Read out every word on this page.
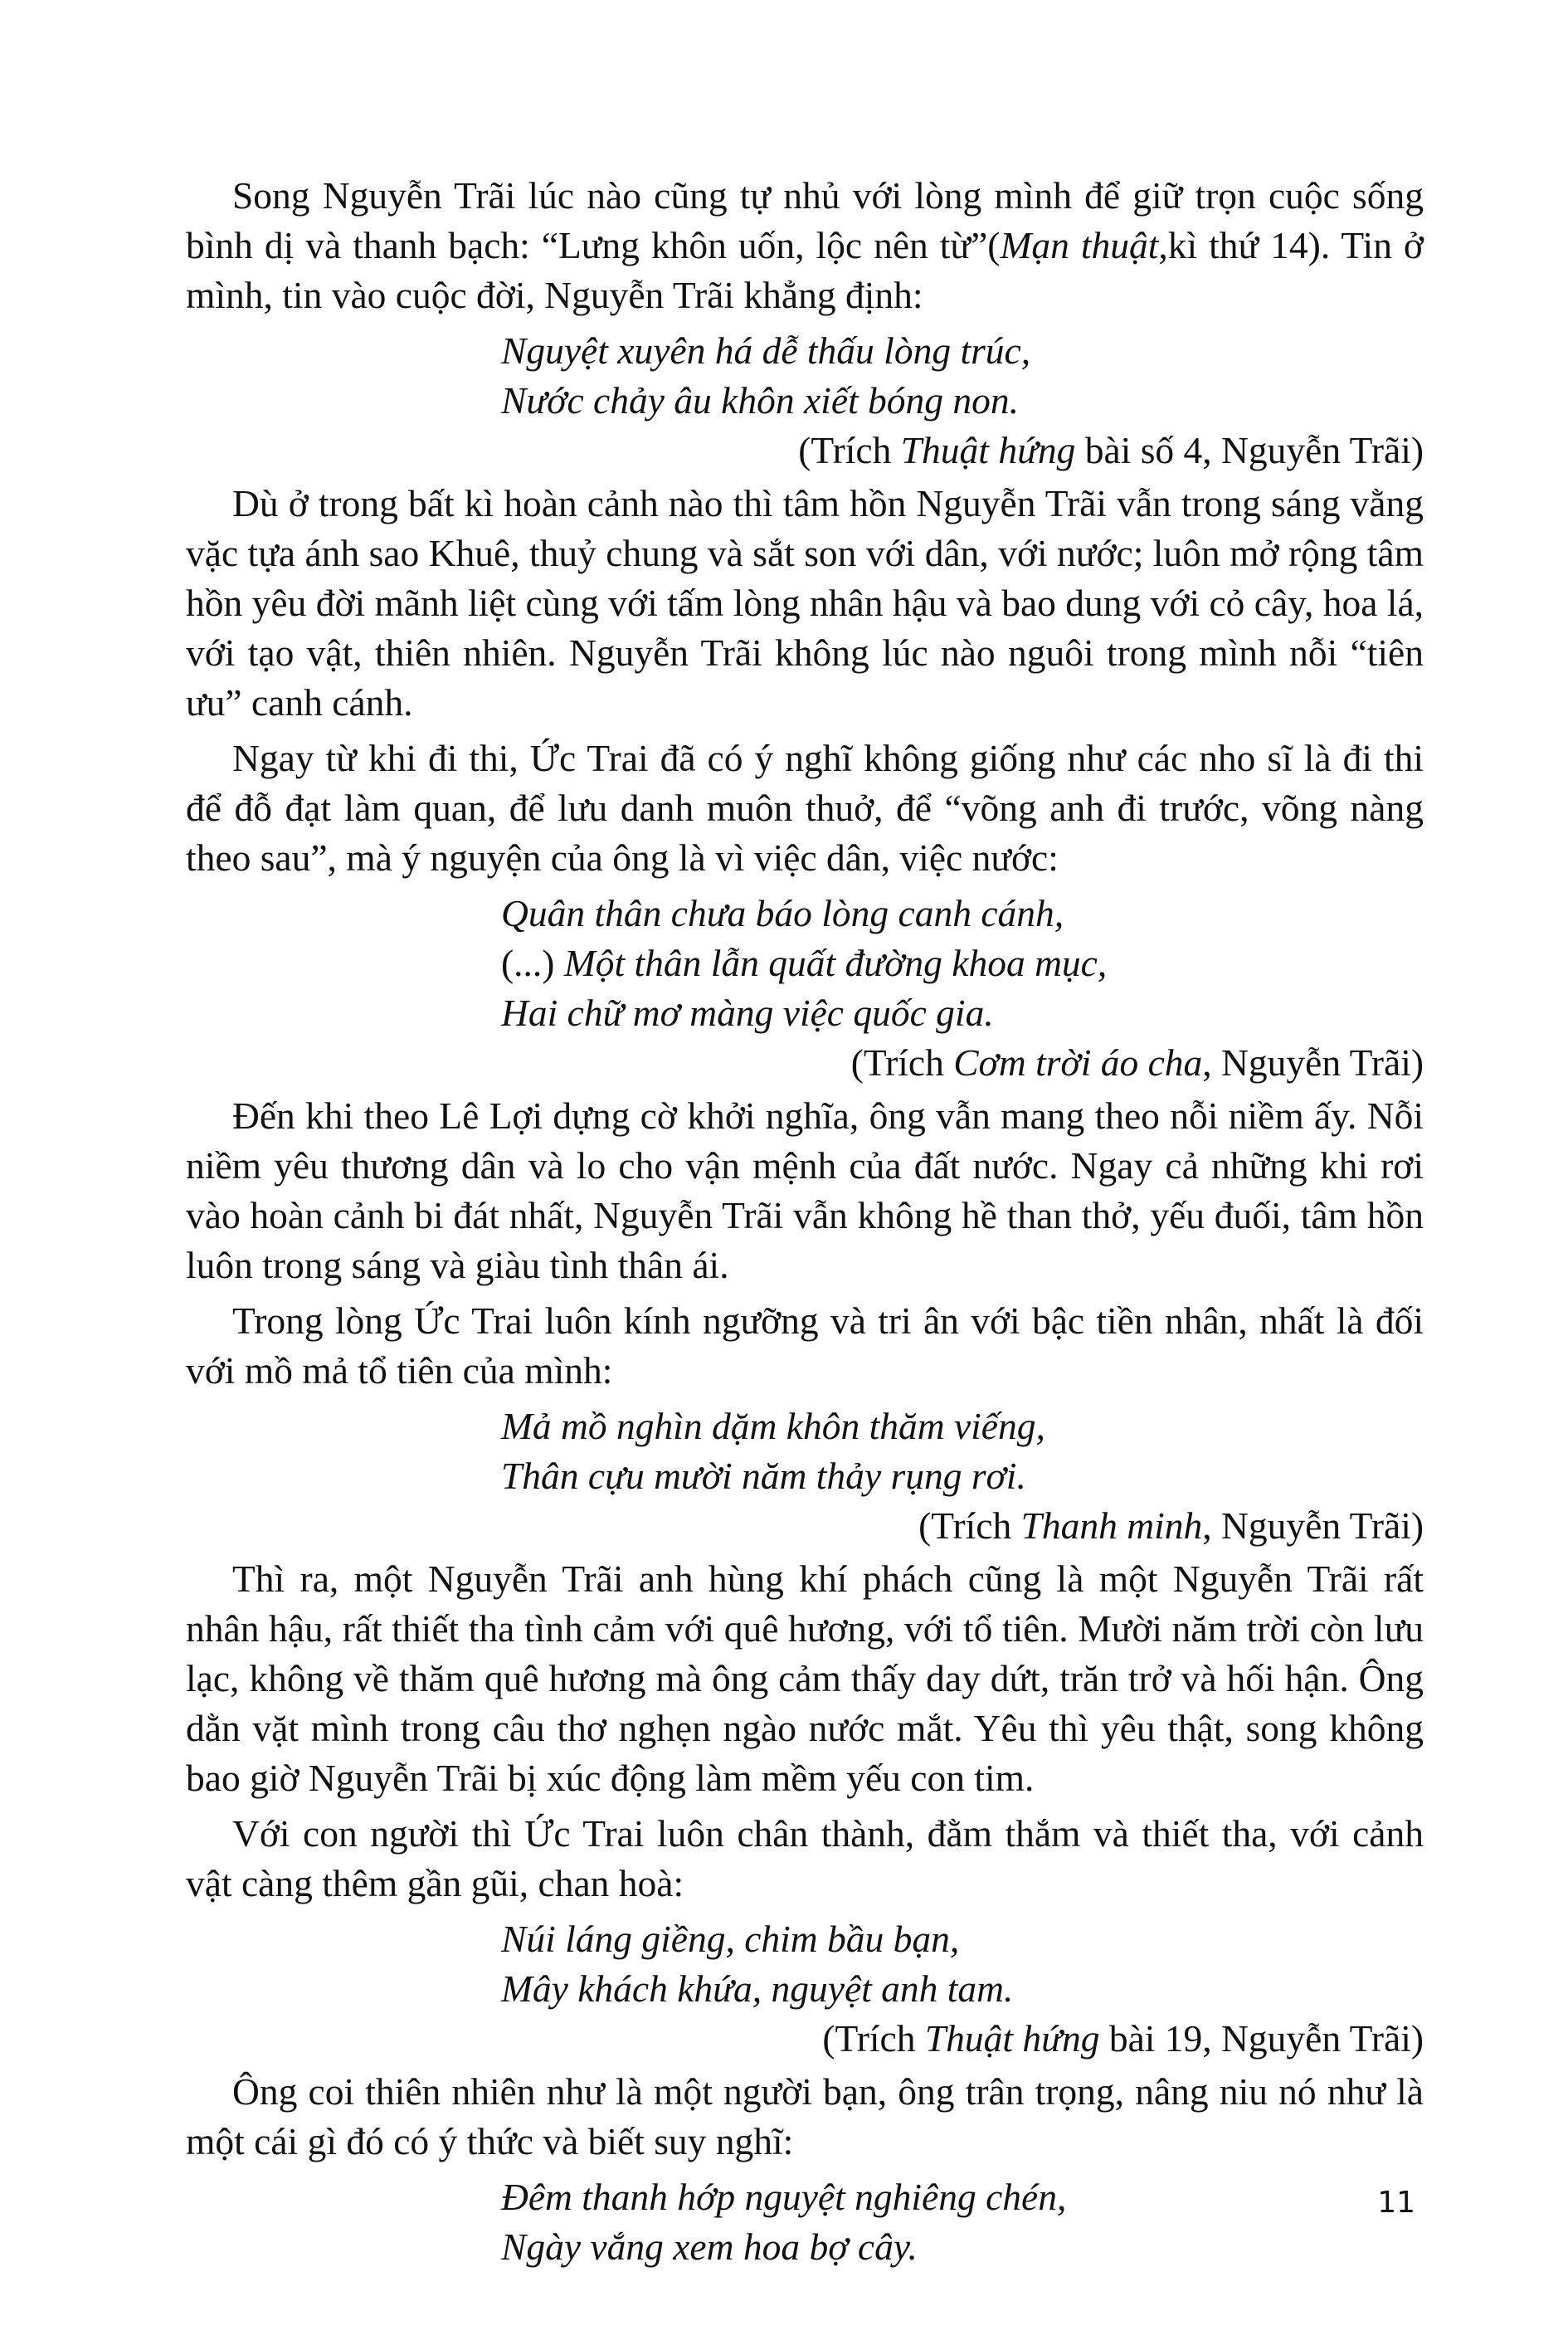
Song Nguyễn Trãi lúc nào cũng tự nhủ với lòng mình để giữ trọn cuộc sống bình dị và thanh bạch: “Lưng khôn uốn, lộc nên từ”(Mạn thuật,kì thứ 14). Tin ở mình, tin vào cuộc đời, Nguyễn Trãi khẳng định:

Nguyệt xuyên há dễ thấu lòng trúc,
Nước chảy âu khôn xiết bóng non.
(Trích Thuật hứng bài số 4, Nguyễn Trãi)

Dù ở trong bất kì hoàn cảnh nào thì tâm hồn Nguyễn Trãi vẫn trong sáng vằng vặc tựa ánh sao Khuê, thuỷ chung và sắt son với dân, với nước; luôn mở rộng tâm hồn yêu đời mãnh liệt cùng với tấm lòng nhân hậu và bao dung với cỏ cây, hoa lá, với tạo vật, thiên nhiên. Nguyễn Trãi không lúc nào nguôi trong mình nỗi “tiên ưu” canh cánh.

Ngay từ khi đi thi, Ức Trai đã có ý nghĩ không giống như các nho sĩ là đi thi để đỗ đạt làm quan, để lưu danh muôn thuở, để “võng anh đi trước, võng nàng theo sau”, mà ý nguyện của ông là vì việc dân, việc nước:

Quân thân chưa báo lòng canh cánh,
(...) Một thân lẫn quất đường khoa mục,
Hai chữ mơ màng việc quốc gia.
(Trích Cơm trời áo cha, Nguyễn Trãi)

Đến khi theo Lê Lợi dựng cờ khởi nghĩa, ông vẫn mang theo nỗi niềm ấy. Nỗi niềm yêu thương dân và lo cho vận mệnh của đất nước. Ngay cả những khi rơi vào hoàn cảnh bi đát nhất, Nguyễn Trãi vẫn không hề than thở, yếu đuối, tâm hồn luôn trong sáng và giàu tình thân ái.

Trong lòng Ức Trai luôn kính ngưỡng và tri ân với bậc tiền nhân, nhất là đối với mồ mả tổ tiên của mình:

Mả mồ nghìn dặm khôn thăm viếng,
Thân cựu mười năm thảy rụng rơi.
(Trích Thanh minh, Nguyễn Trãi)

Thì ra, một Nguyễn Trãi anh hùng khí phách cũng là một Nguyễn Trãi rất nhân hậu, rất thiết tha tình cảm với quê hương, với tổ tiên. Mười năm trời còn lưu lạc, không về thăm quê hương mà ông cảm thấy day dứt, trăn trở và hối hận. Ông dằn vặt mình trong câu thơ nghẹn ngào nước mắt. Yêu thì yêu thật, song không bao giờ Nguyễn Trãi bị xúc động làm mềm yếu con tim.

Với con người thì Ức Trai luôn chân thành, đằm thắm và thiết tha, với cảnh vật càng thêm gần gũi, chan hoà:

Núi láng giềng, chim bầu bạn,
Mây khách khứa, nguyệt anh tam.
(Trích Thuật hứng bài 19, Nguyễn Trãi)

Ông coi thiên nhiên như là một người bạn, ông trân trọng, nâng niu nó như là một cái gì đó có ý thức và biết suy nghĩ:

Đêm thanh hớp nguyệt nghiêng chén,
Ngày vắng xem hoa bợ cây.
11
